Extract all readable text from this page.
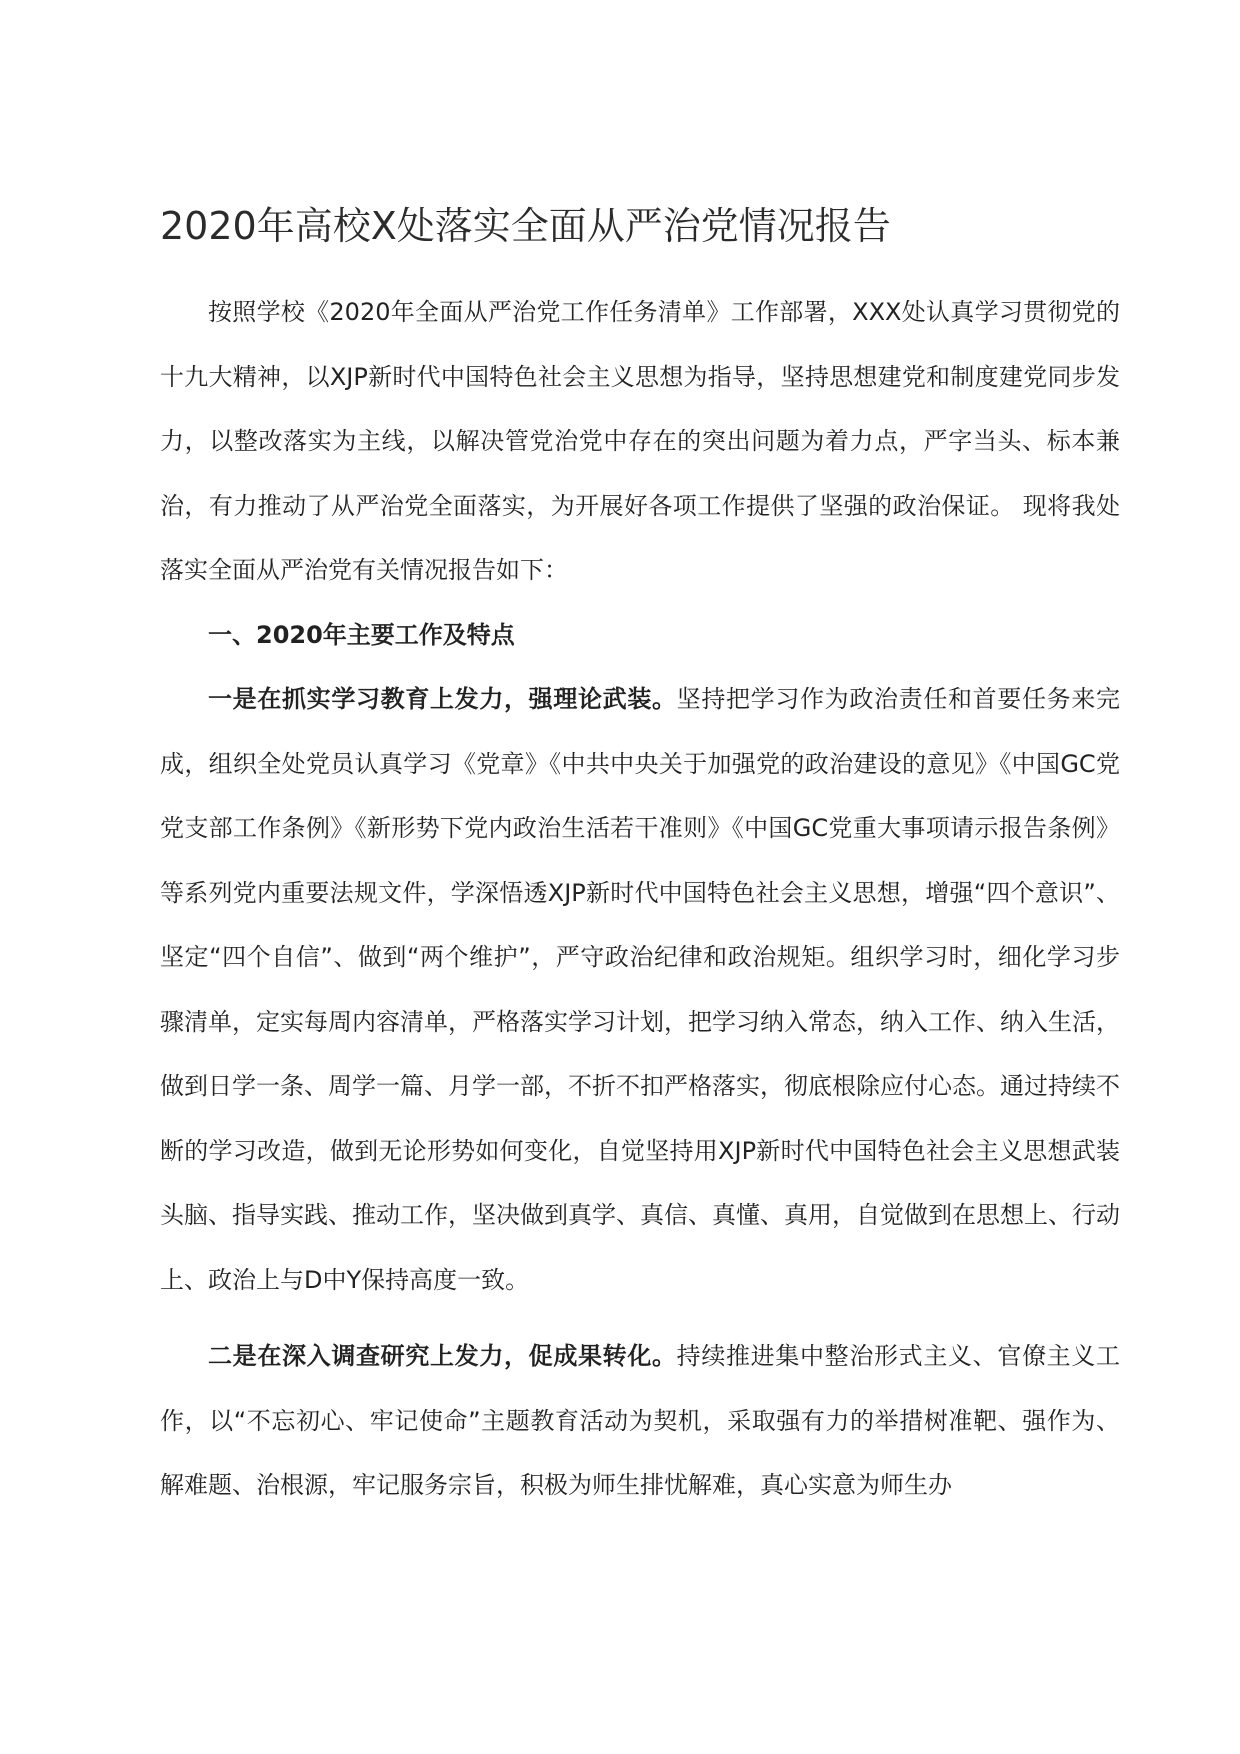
2020年高校X处落实全面从严治党情况报告

按照学校《2020年全面从严治党工作任务清单》工作部署，XXX处认真学习贯彻党的十九大精神，以XJP新时代中国特色社会主义思想为指导，坚持思想建党和制度建党同步发力，以整改落实为主线，以解决管党治党中存在的突出问题为着力点，严字当头、标本兼治，有力推动了从严治党全面落实，为开展好各项工作提供了坚强的政治保证。 现将我处落实全面从严治党有关情况报告如下：

一、2020年主要工作及特点

一是在抓实学习教育上发力，强理论武装。坚持把学习作为政治责任和首要任务来完成，组织全处党员认真学习《党章》《中共中央关于加强党的政治建设的意见》《中国GC党党支部工作条例》《新形势下党内政治生活若干准则》《中国GC党重大事项请示报告条例》等系列党内重要法规文件，学深悟透XJP新时代中国特色社会主义思想，增强“四个意识”、坚定“四个自信”、做到“两个维护”，严守政治纪律和政治规矩。组织学习时，细化学习步骤清单，定实每周内容清单，严格落实学习计划，把学习纳入常态，纳入工作、纳入生活，做到日学一条、周学一篇、月学一部，不折不扣严格落实，彻底根除应付心态。通过持续不断的学习改造，做到无论形势如何变化，自觉坚持用XJP新时代中国特色社会主义思想武装头脑、指导实践、推动工作，坚决做到真学、真信、真懂、真用，自觉做到在思想上、行动上、政治上与D中Y保持高度一致。

二是在深入调查研究上发力，促成果转化。持续推进集中整治形式主义、官僚主义工作，以“不忘初心、牢记使命”主题教育活动为契机，采取强有力的举措树准靶、强作为、解难题、治根源，牢记服务宗旨，积极为师生排忧解难，真心实意为师生办
